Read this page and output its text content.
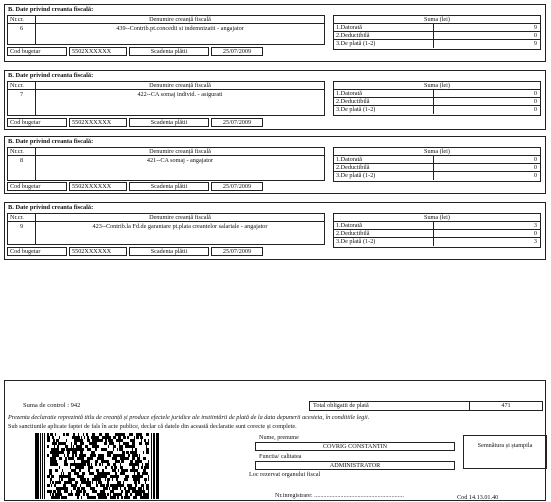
B. Date privind creanta fiscală:
Nr.cr.	Denumire creanță fiscală
6	439--Contrib.pt.concedii si indemnizatii - angajator
Cod bugetar	5502XXXXXX	Scadenta plătii	25/07/2009
Suma (lei)
1.Datorată	9
2.Deductibilă	0
3.De plată (1-2)	9
B. Date privind creanta fiscală:
Nr.cr.	Denumire creanță fiscală
7	422--CA somaj individ. - asigurati
Cod bugetar	5502XXXXXX	Scadenta plătii	25/07/2009
Suma (lei)
1.Datorată	0
2.Deductibilă	0
3.De plată (1-2)	0
B. Date privind creanta fiscală:
Nr.cr.	Denumire creanță fiscală
8	421--CA somaj - angajator
Cod bugetar	5502XXXXXX	Scadenta plătii	25/07/2009
Suma (lei)
1.Datorată	0
2.Deductibilă	0
3.De plată (1-2)	0
B. Date privind creanta fiscală:
Nr.cr.	Denumire creanță fiscală
9	423--Contrib.la Fd.de garantare pt.plata creantelor salariale - angajator
Cod bugetar	5502XXXXXX	Scadenta plătii	25/07/2009
Suma (lei)
1.Datorată	3
2.Deductibilă	0
3.De plată (1-2)	3
Suma de control : 942	Total obligatii de plată	471
Prezenta declaratie reprezintă titlu de creanță și produce efectele juridice ale instiintării de plată de la data depunerii acesteia, în conditiile legii.
Sub sanctiunile aplicate faptei de fals în acte publice, declar că datele din această declaratie sunt corecte și complete.
Nume, prenume
COVRIG CONSTANTIN
Functia/ calitatea
ADMINISTRATOR
Loc rezervat organului fiscal
Nr.inregistrare: ..........................................................
Semnătura și ștampila
Cod 14.13.01.40
